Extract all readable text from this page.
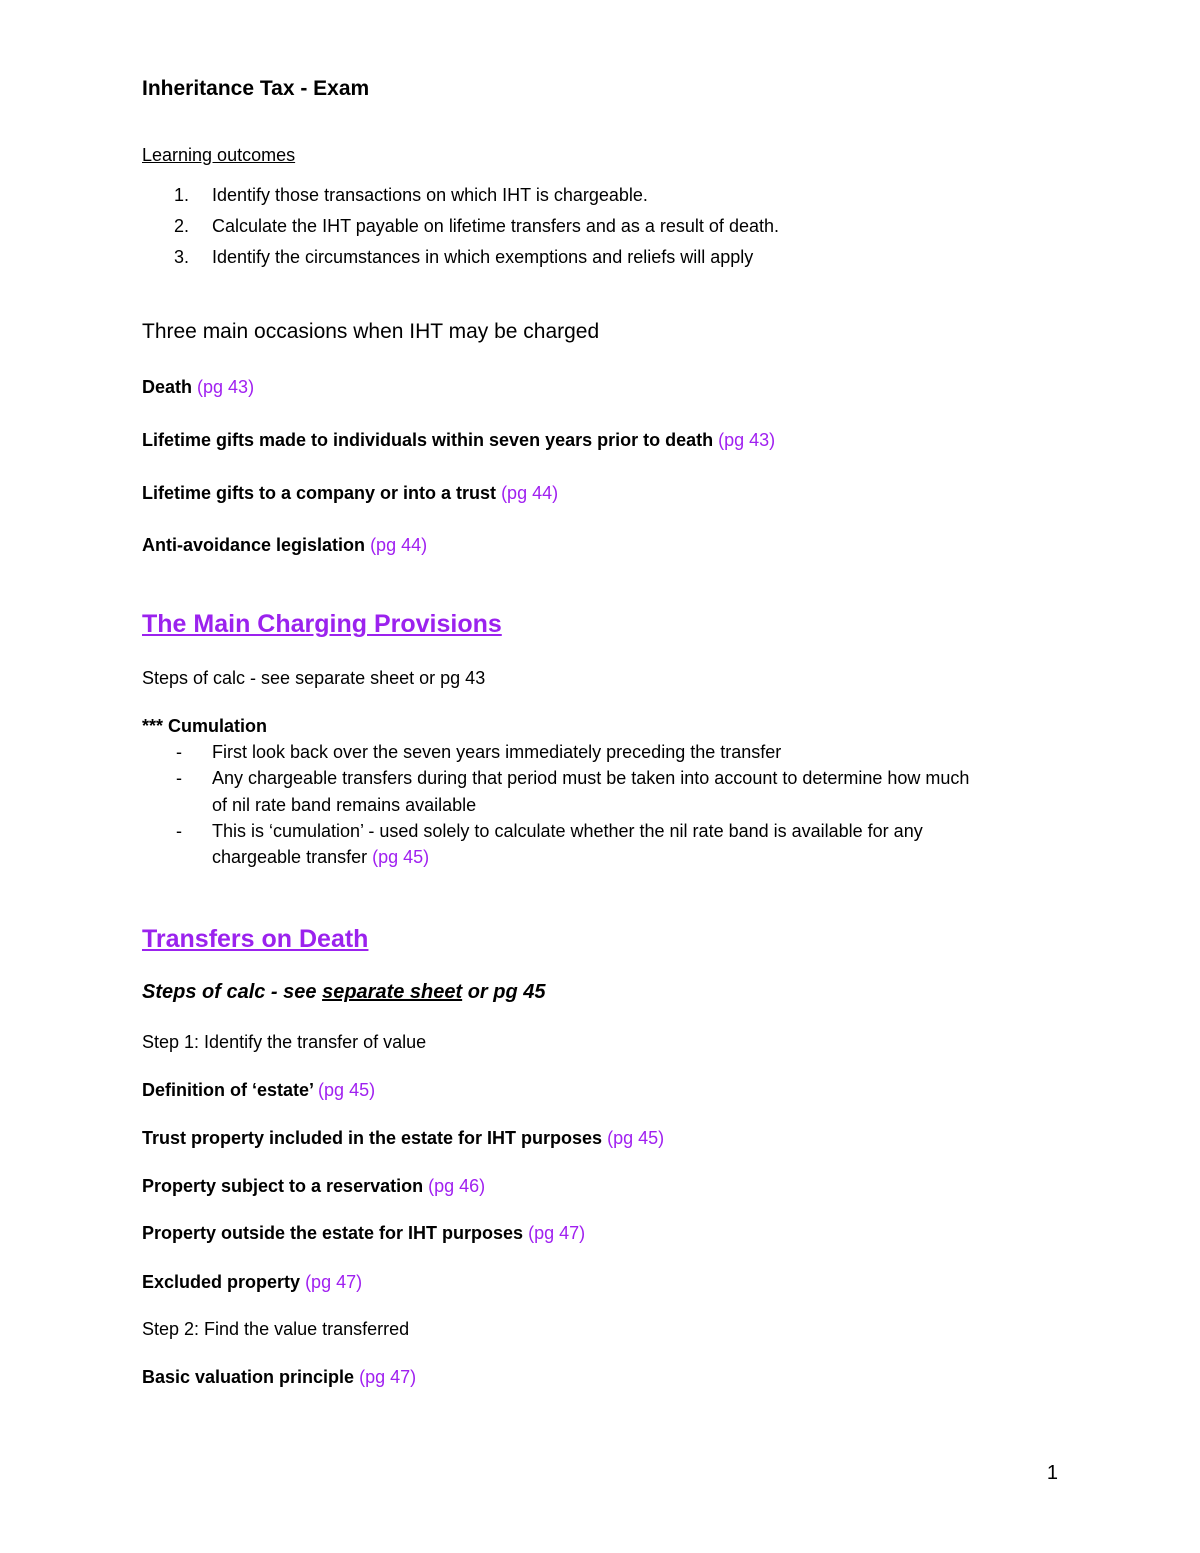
Inheritance Tax - Exam
Learning outcomes
1. Identify those transactions on which IHT is chargeable.
2. Calculate the IHT payable on lifetime transfers and as a result of death.
3. Identify the circumstances in which exemptions and reliefs will apply
Three main occasions when IHT may be charged
Death (pg 43)
Lifetime gifts made to individuals within seven years prior to death (pg 43)
Lifetime gifts to a company or into a trust (pg 44)
Anti-avoidance legislation (pg 44)
The Main Charging Provisions
Steps of calc - see separate sheet or pg 43
*** Cumulation
- First look back over the seven years immediately preceding the transfer
- Any chargeable transfers during that period must be taken into account to determine how much
of nil rate band remains available
- This is ‘cumulation’ - used solely to calculate whether the nil rate band is available for any
chargeable transfer (pg 45)
Transfers on Death
Steps of calc - see separate sheet or pg 45
Step 1: Identify the transfer of value
Definition of ‘estate’ (pg 45)
Trust property included in the estate for IHT purposes (pg 45)
Property subject to a reservation (pg 46)
Property outside the estate for IHT purposes (pg 47)
Excluded property (pg 47)
Step 2: Find the value transferred
Basic valuation principle (pg 47)
1
